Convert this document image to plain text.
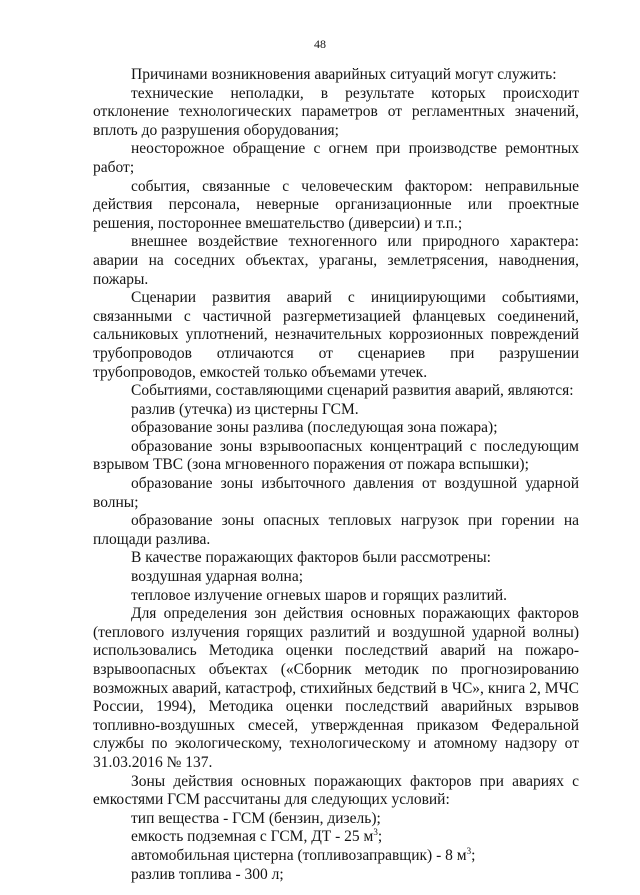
48

Причинами возникновения аварийных ситуаций могут служить:

технические неполадки, в результате которых происходит отклонение технологических параметров от регламентных значений, вплоть до разрушения оборудования;

неосторожное обращение с огнем при производстве ремонтных работ;

события, связанные с человеческим фактором: неправильные действия персонала, неверные организационные или проектные решения, постороннее вмешательство (диверсии) и т.п.;

внешнее воздействие техногенного или природного характера: аварии на соседних объектах, ураганы, землетрясения, наводнения, пожары.

Сценарии развития аварий с инициирующими событиями, связанными с частичной разгерметизацией фланцевых соединений, сальниковых уплотнений, незначительных коррозионных повреждений трубопроводов отличаются от сценариев при разрушении трубопроводов, емкостей только объемами утечек.

Событиями, составляющими сценарий развития аварий, являются:

разлив (утечка) из цистерны ГСМ.

образование зоны разлива (последующая зона пожара);

образование зоны взрывоопасных концентраций с последующим взрывом ТВС (зона мгновенного поражения от пожара вспышки);

образование зоны избыточного давления от воздушной ударной волны;

образование зоны опасных тепловых нагрузок при горении на площади разлива.

В качестве поражающих факторов были рассмотрены:

воздушная ударная волна;

тепловое излучение огневых шаров и горящих разлитий.

Для определения зон действия основных поражающих факторов (теплового излучения горящих разлитий и воздушной ударной волны) использовались Методика оценки последствий аварий на пожаро-взрывоопасных объектах («Сборник методик по прогнозированию возможных аварий, катастроф, стихийных бедствий в ЧС», книга 2, МЧС России, 1994), Методика оценки последствий аварийных взрывов топливно-воздушных смесей, утвержденная приказом Федеральной службы по экологическому, технологическому и атомному надзору от 31.03.2016 № 137.

Зоны действия основных поражающих факторов при авариях с емкостями ГСМ рассчитаны для следующих условий:

тип вещества - ГСМ (бензин, дизель);

емкость подземная с ГСМ, ДТ - 25 $м^3$;

автомобильная цистерна (топливозаправщик) - 8 $м^3$;

разлив топлива - 300 л;
